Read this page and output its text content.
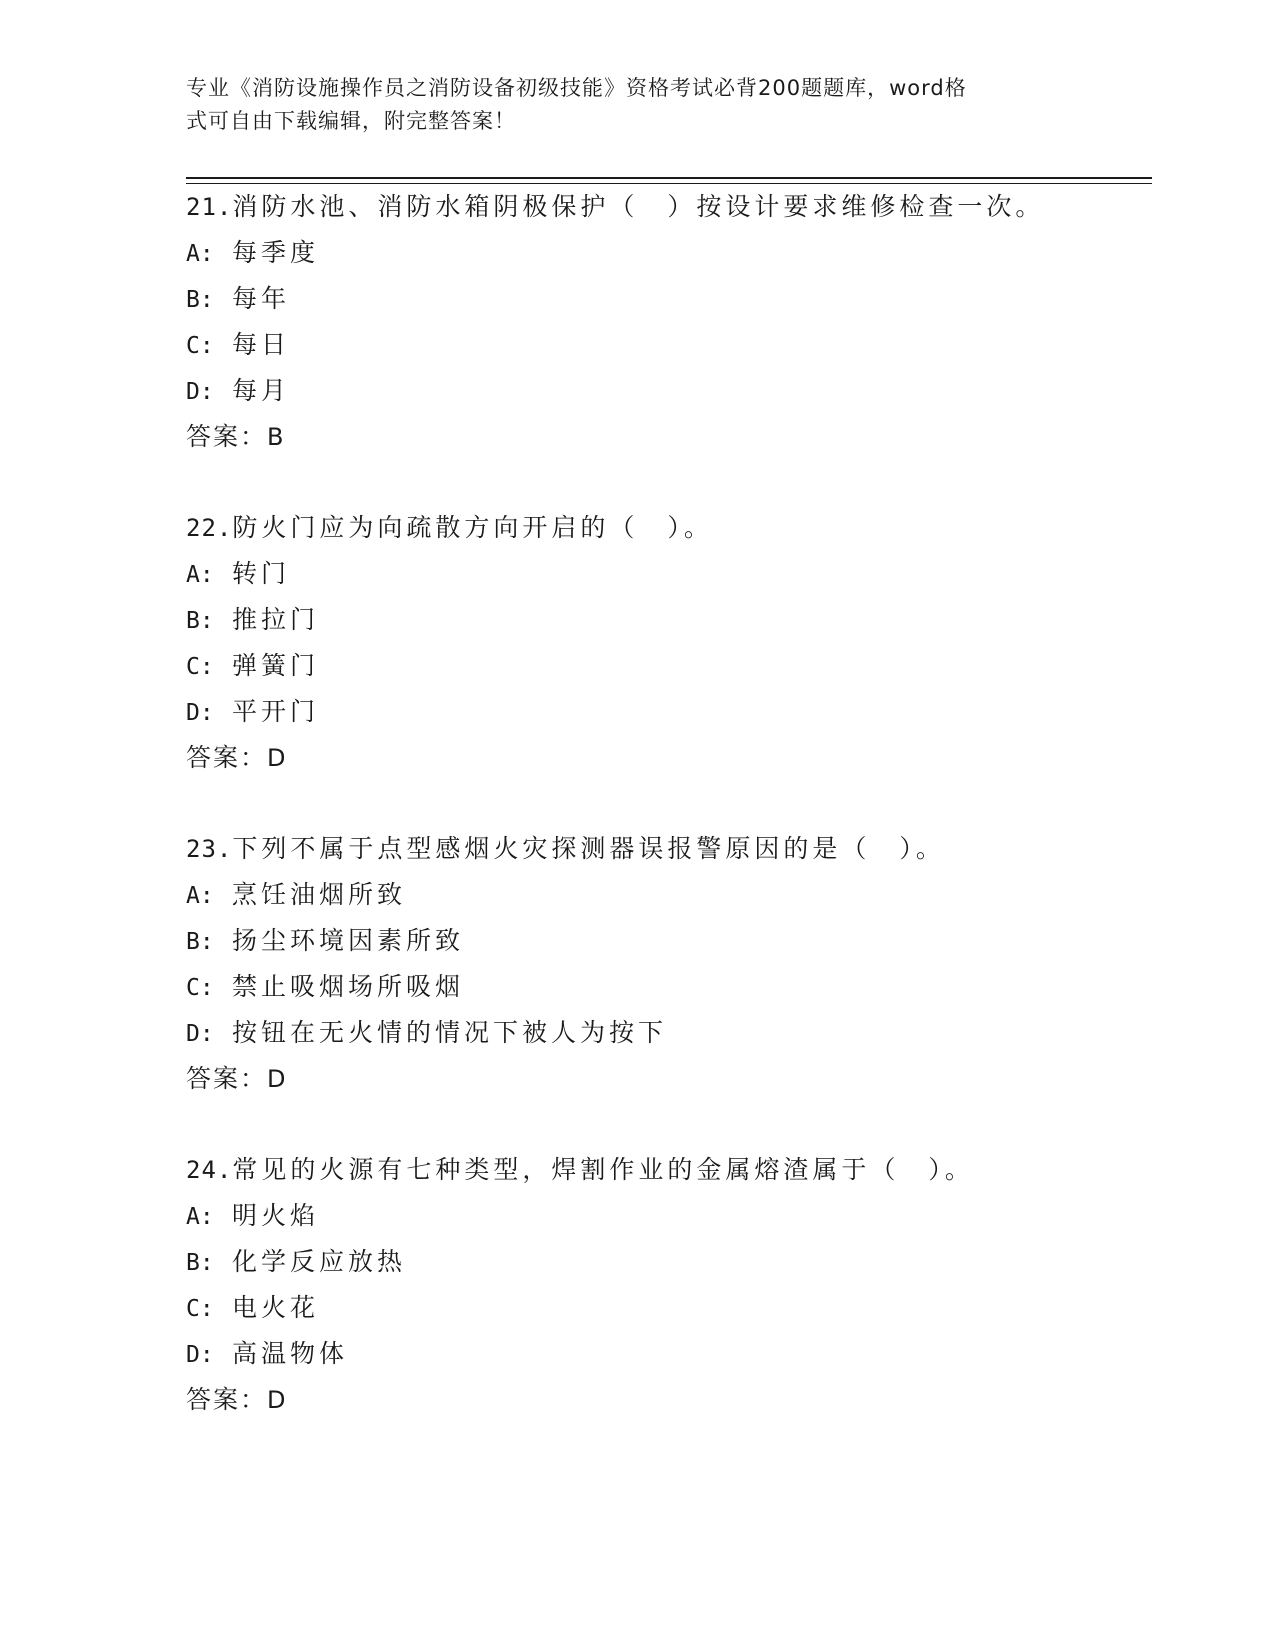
专业《消防设施操作员之消防设备初级技能》资格考试必背200题题库，word格
式可自由下载编辑，附完整答案！
21.消防水池、消防水箱阴极保护（　）按设计要求维修检查一次。
A: 每季度
B: 每年
C: 每日
D: 每月
答案：B
22.防火门应为向疏散方向开启的（　）。
A: 转门
B: 推拉门
C: 弹簧门
D: 平开门
答案：D
23.下列不属于点型感烟火灾探测器误报警原因的是（　）。
A: 烹饪油烟所致
B: 扬尘环境因素所致
C: 禁止吸烟场所吸烟
D: 按钮在无火情的情况下被人为按下
答案：D
24.常见的火源有七种类型，焊割作业的金属熔渣属于（　）。
A: 明火焰
B: 化学反应放热
C: 电火花
D: 高温物体
答案：D
